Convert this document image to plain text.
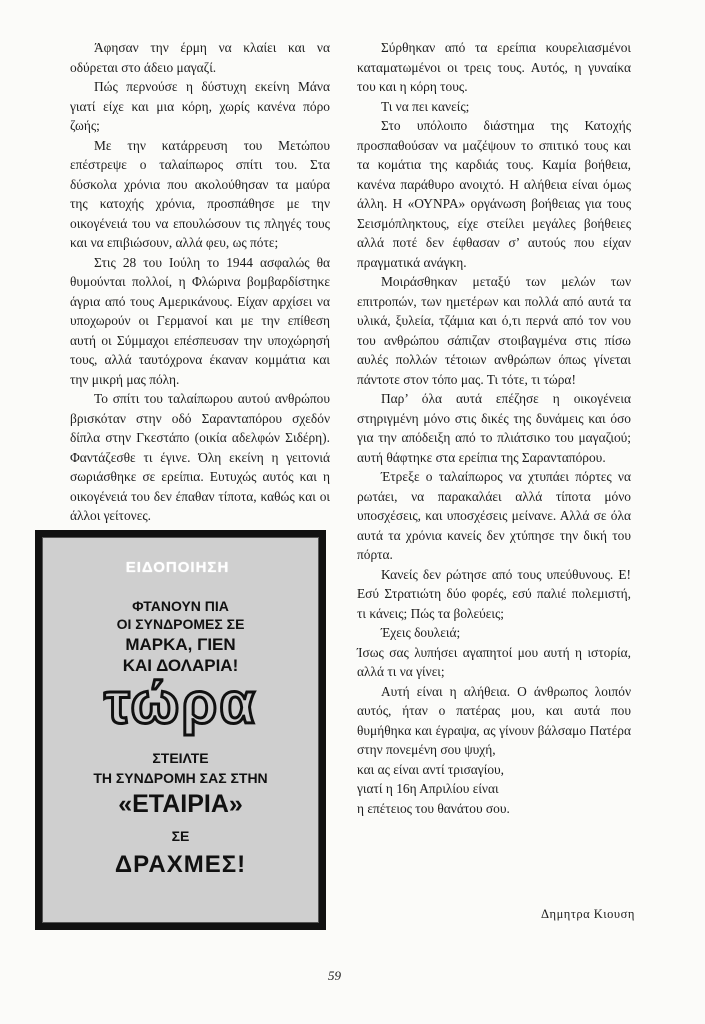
Άφησαν την έρμη να κλαίει και να οδύρεται στο άδειο μαγαζί.

Πώς περνούσε η δύστυχη εκείνη Μάνα γιατί είχε και μια κόρη, χωρίς κανένα πόρο ζωής;

Με την κατάρρευση του Μετώπου επέστρεψε ο ταλαίπωρος σπίτι του. Στα δύσκολα χρόνια που ακολούθησαν τα μαύρα της κατοχής χρόνια, προσπάθησε με την οικογένειά του να επουλώσουν τις πληγές τους και να επιβιώσουν, αλλά φευ, ως πότε;

Στις 28 του Ιούλη το 1944 ασφαλώς θα θυμούνται πολλοί, η Φλώρινα βομβαρδίστηκε άγρια από τους Αμερικάνους. Είχαν αρχίσει να υποχωρούν οι Γερμανοί και με την επίθεση αυτή οι Σύμμαχοι επέσπευσαν την υποχώρησή τους, αλλά ταυτόχρονα έκαναν κομμάτια και την μικρή μας πόλη.

Το σπίτι του ταλαίπωρου αυτού ανθρώπου βρισκόταν στην οδό Σαρανταπόρου σχεδόν δίπλα στην Γκεστάπο (οικία αδελφών Σιδέρη). Φαντάζεσθε τι έγινε. Όλη εκείνη η γειτονιά σωριάσθηκε σε ερείπια. Ευτυχώς αυτός και η οικογένειά του δεν έπαθαν τίποτα, καθώς και οι άλλοι γείτονες.

ΕΙΔΟΠΟΙΗΣΗ
ΦΤΑΝΟΥΝ ΠΙΑ
ΟΙ ΣΥΝΔΡΟΜΕΣ ΣΕ
ΜΑΡΚΑ, ΓΙΕΝ
ΚΑΙ ΔΟΛΑΡΙΑ!
τώρα
ΣΤΕΙΛΤΕ
ΤΗ ΣΥΝΔΡΟΜΗ ΣΑΣ ΣΤΗΝ
«ΕΤΑΙΡΙΑ»
ΣΕ
ΔΡΑΧΜΕΣ!

Σύρθηκαν από τα ερείπια κουρελιασμένοι καταματωμένοι οι τρεις τους. Αυτός, η γυναίκα του και η κόρη τους.

Τι να πει κανείς;

Στο υπόλοιπο διάστημα της Κατοχής προσπαθούσαν να μαζέψουν το σπιτικό τους και τα κομάτια της καρδιάς τους. Καμία βοήθεια, κανένα παράθυρο ανοιχτό. Η αλήθεια είναι όμως άλλη. Η «ΟΥΝΡΑ» οργάνωση βοήθειας για τους Σεισμόπληκτους, είχε στείλει μεγάλες βοήθειες αλλά ποτέ δεν έφθασαν σ’ αυτούς που είχαν πραγματικά ανάγκη.

Μοιράσθηκαν μεταξύ των μελών των επιτροπών, των ημετέρων και πολλά από αυτά τα υλικά, ξυλεία, τζάμια και ό,τι περνά από τον νου του ανθρώπου σάπιζαν στοιβαγμένα στις πίσω αυλές πολλών τέτοιων ανθρώπων όπως γίνεται πάντοτε στον τόπο μας. Τι τότε, τι τώρα!

Παρ’ όλα αυτά επέζησε η οικογένεια στηριγμένη μόνο στις δικές της δυνάμεις και όσο για την απόδειξη από το πλιάτσικο του μαγαζιού; αυτή θάφτηκε στα ερείπια της Σαρανταπόρου.

Έτρεξε ο ταλαίπωρος να χτυπάει πόρτες να ρωτάει, να παρακαλάει αλλά τίποτα μόνο υποσχέσεις, και υποσχέσεις μείνανε. Αλλά σε όλα αυτά τα χρόνια κανείς δεν χτύπησε την δική του πόρτα.

Κανείς δεν ρώτησε από τους υπεύθυνους. Ε! Εσύ Στρατιώτη δύο φορές, εσύ παλιέ πολεμιστή, τι κάνεις; Πώς τα βολεύεις;

Έχεις δουλειά;

Ίσως σας λυπήσει αγαπητοί μου αυτή η ιστορία, αλλά τι να γίνει;

Αυτή είναι η αλήθεια. Ο άνθρωπος λοιπόν αυτός, ήταν ο πατέρας μου, και αυτά που θυμήθηκα και έγραψα, ας γίνουν βάλσαμο Πατέρα στην πονεμένη σου ψυχή,

και ας είναι αντί τρισαγίου,

γιατί η 16η Απριλίου είναι

η επέτειος του θανάτου σου.

Δημητρα Κιουση
59
